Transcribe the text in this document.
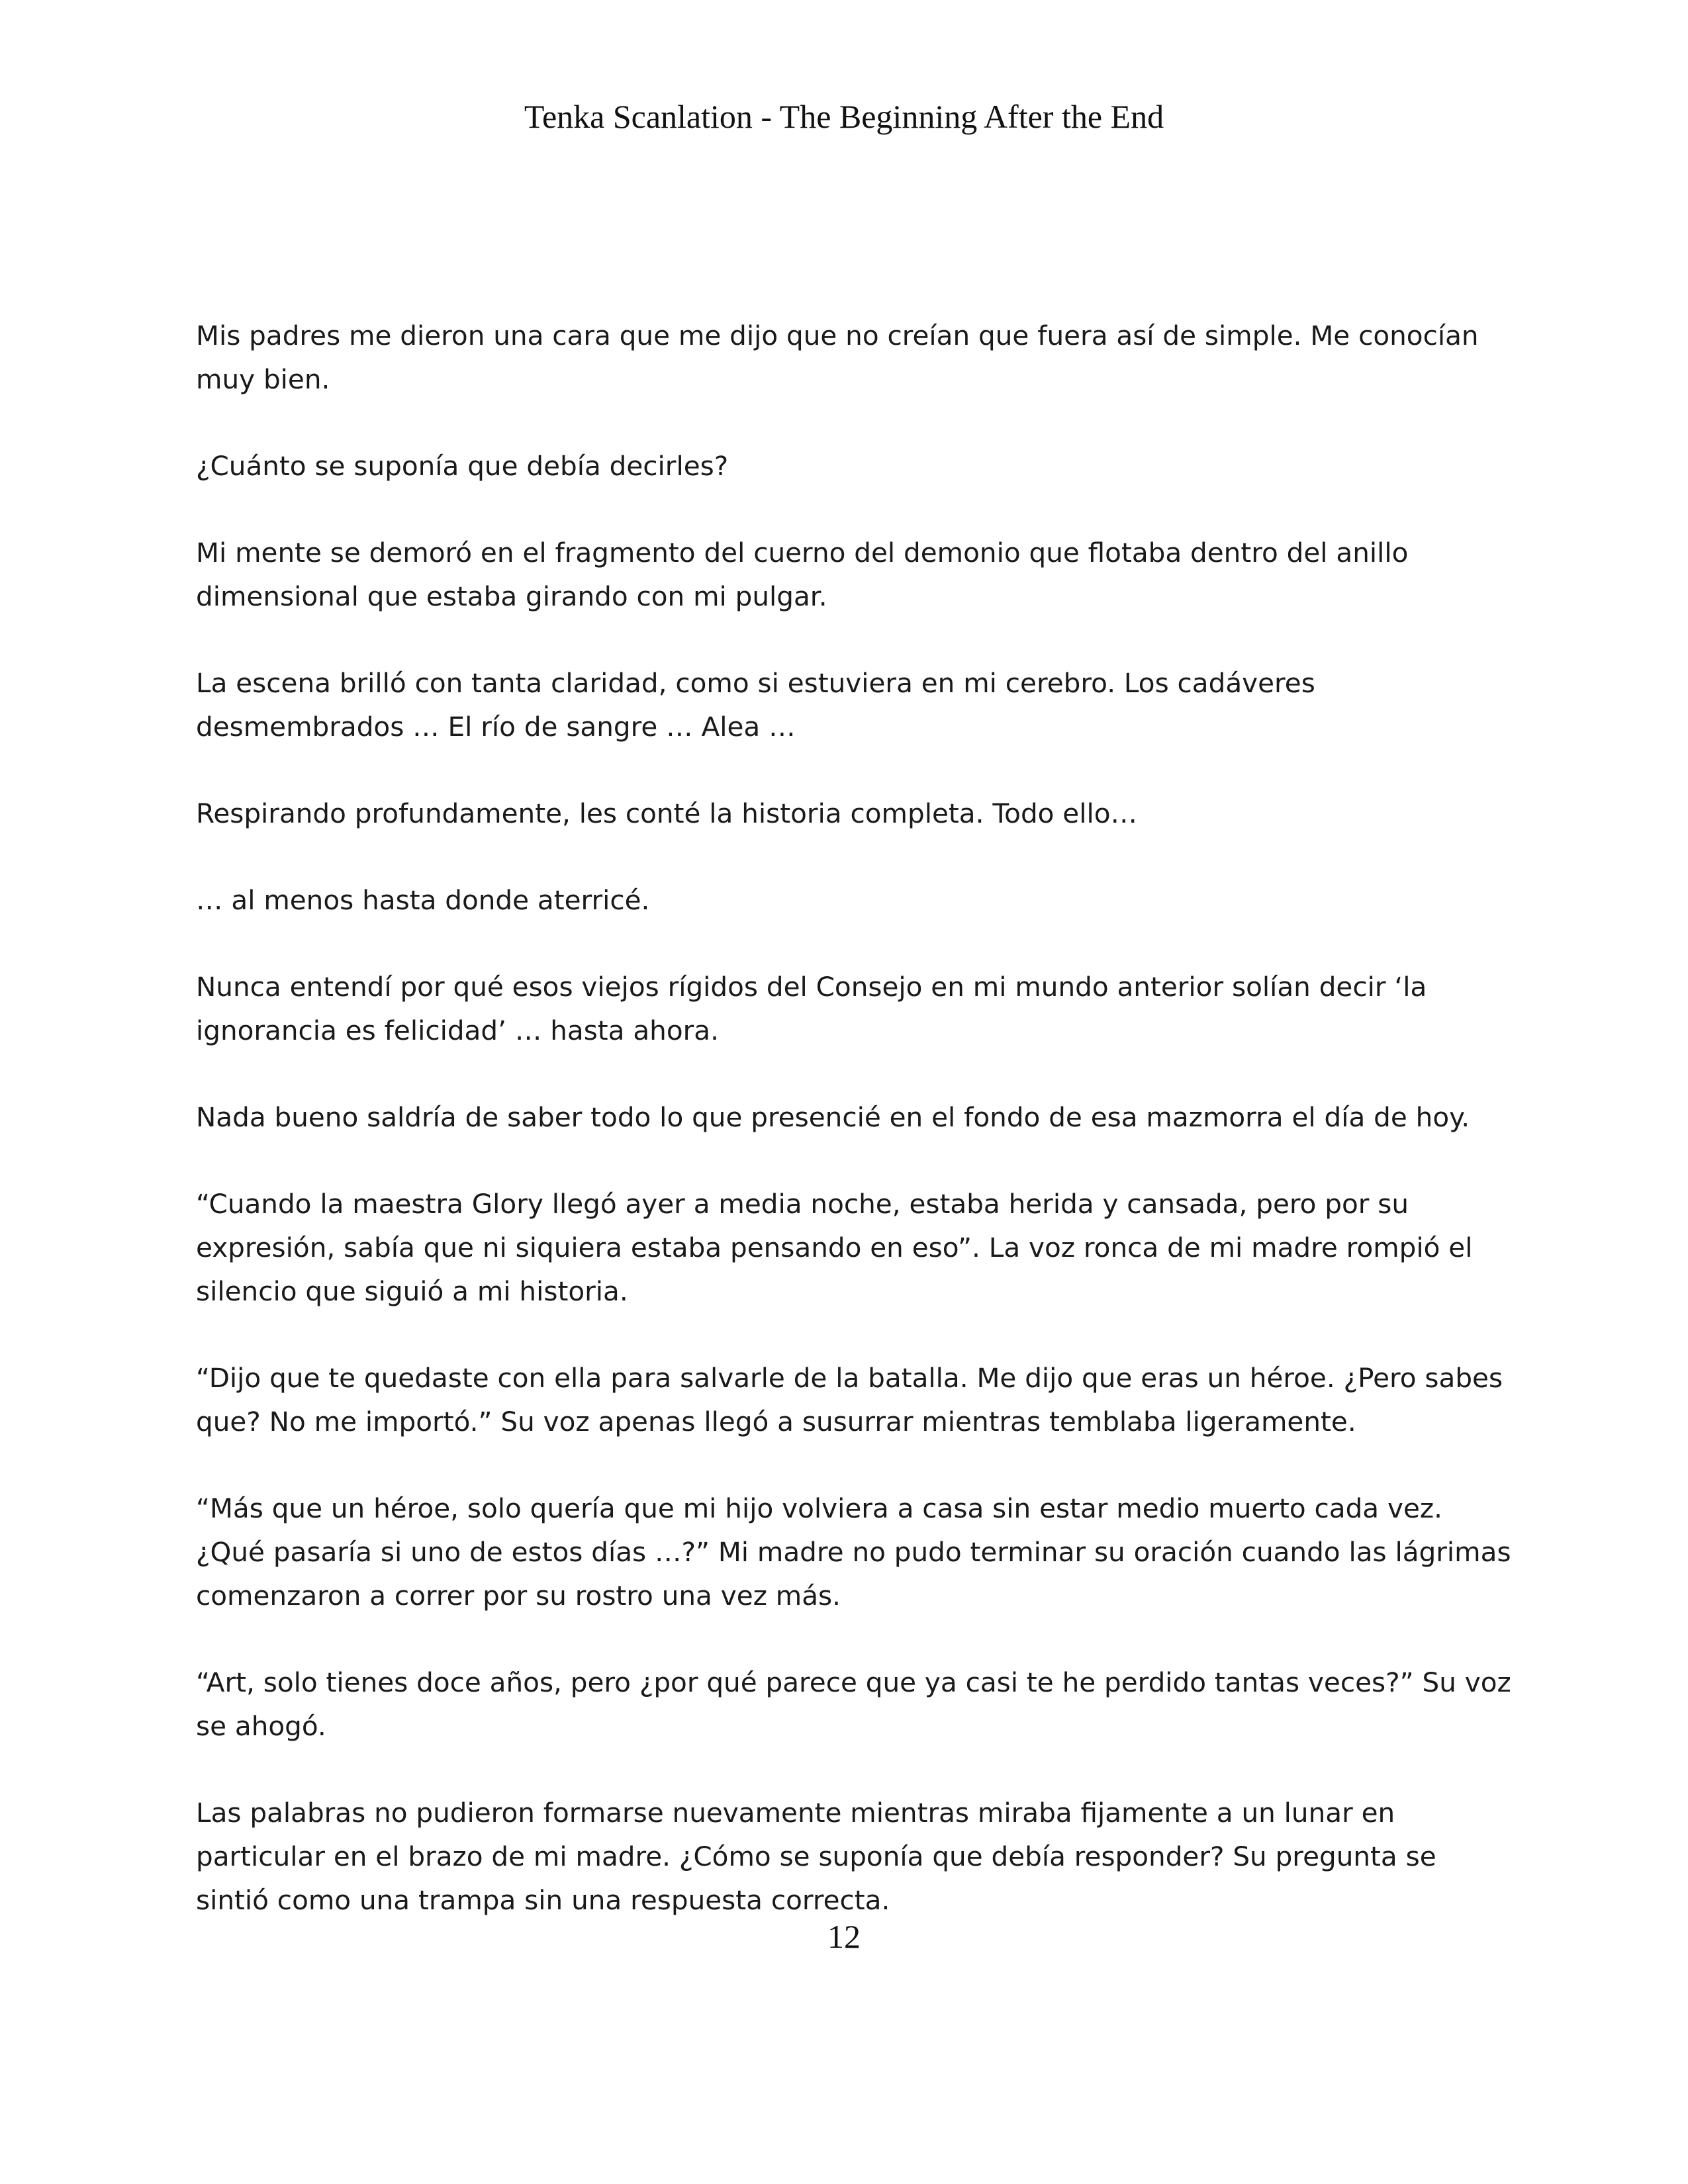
Tenka Scanlation - The Beginning After the End

Mis padres me dieron una cara que me dijo que no creían que fuera así de simple. Me conocían muy bien.

¿Cuánto se suponía que debía decirles?

Mi mente se demoró en el fragmento del cuerno del demonio que flotaba dentro del anillo dimensional que estaba girando con mi pulgar.

La escena brilló con tanta claridad, como si estuviera en mi cerebro. Los cadáveres desmembrados … El río de sangre … Alea …

Respirando profundamente, les conté la historia completa. Todo ello…

… al menos hasta donde aterricé.

Nunca entendí por qué esos viejos rígidos del Consejo en mi mundo anterior solían decir ‘la ignorancia es felicidad’ … hasta ahora.

Nada bueno saldría de saber todo lo que presencié en el fondo de esa mazmorra el día de hoy.

“Cuando la maestra Glory llegó ayer a media noche, estaba herida y cansada, pero por su expresión, sabía que ni siquiera estaba pensando en eso”. La voz ronca de mi madre rompió el silencio que siguió a mi historia.

“Dijo que te quedaste con ella para salvarle de la batalla. Me dijo que eras un héroe. ¿Pero sabes que? No me importó.” Su voz apenas llegó a susurrar mientras temblaba ligeramente.

“Más que un héroe, solo quería que mi hijo volviera a casa sin estar medio muerto cada vez. ¿Qué pasaría si uno de estos días …?” Mi madre no pudo terminar su oración cuando las lágrimas comenzaron a correr por su rostro una vez más.

“Art, solo tienes doce años, pero ¿por qué parece que ya casi te he perdido tantas veces?” Su voz se ahogó.

Las palabras no pudieron formarse nuevamente mientras miraba fijamente a un lunar en particular en el brazo de mi madre. ¿Cómo se suponía que debía responder? Su pregunta se sintió como una trampa sin una respuesta correcta.

12
